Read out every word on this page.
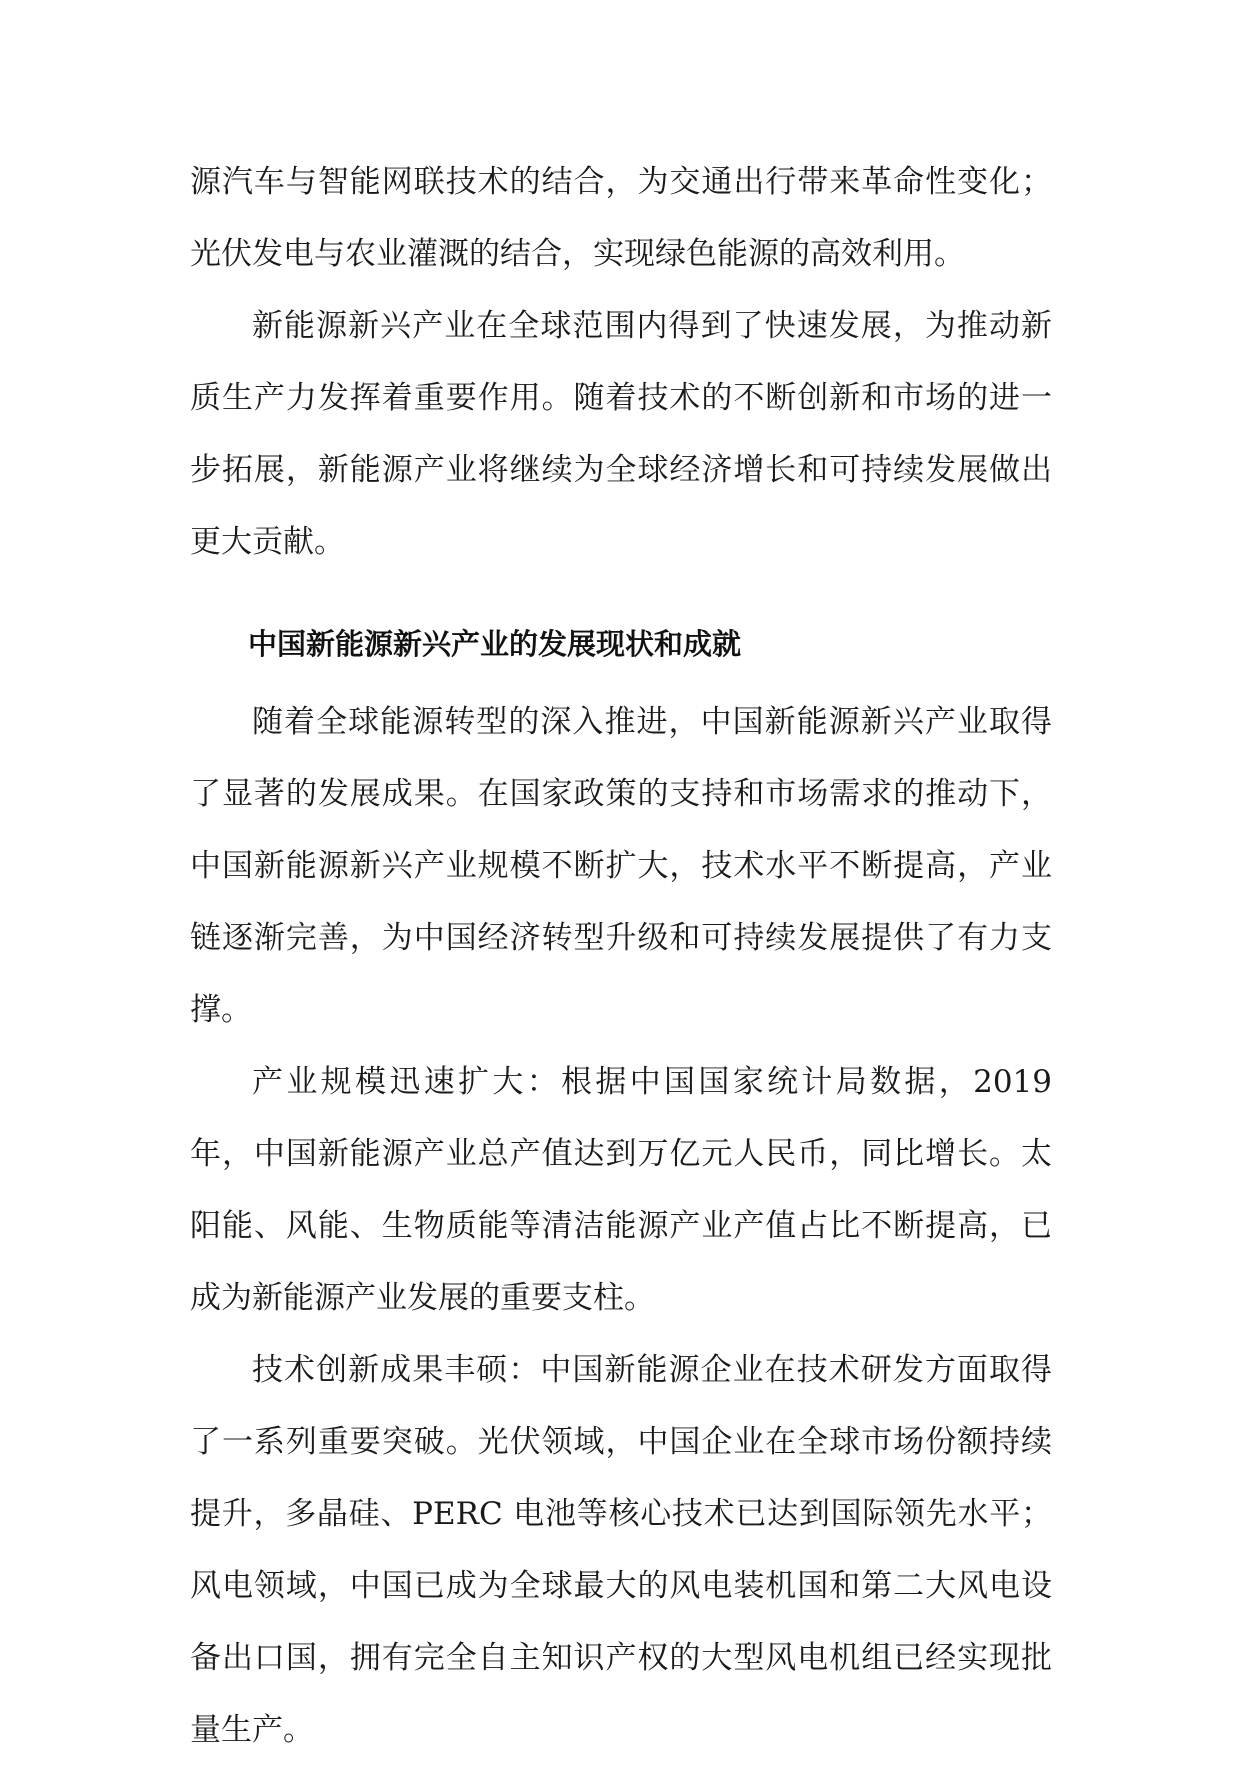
源汽车与智能网联技术的结合，为交通出行带来革命性变化；光伏发电与农业灌溉的结合，实现绿色能源的高效利用。

新能源新兴产业在全球范围内得到了快速发展，为推动新质生产力发挥着重要作用。随着技术的不断创新和市场的进一步拓展，新能源产业将继续为全球经济增长和可持续发展做出更大贡献。

中国新能源新兴产业的发展现状和成就

随着全球能源转型的深入推进，中国新能源新兴产业取得了显著的发展成果。在国家政策的支持和市场需求的推动下，中国新能源新兴产业规模不断扩大，技术水平不断提高，产业链逐渐完善，为中国经济转型升级和可持续发展提供了有力支撑。

产业规模迅速扩大：根据中国国家统计局数据，2019 年，中国新能源产业总产值达到万亿元人民币，同比增长。太阳能、风能、生物质能等清洁能源产业产值占比不断提高，已成为新能源产业发展的重要支柱。

技术创新成果丰硕：中国新能源企业在技术研发方面取得了一系列重要突破。光伏领域，中国企业在全球市场份额持续提升，多晶硅、PERC 电池等核心技术已达到国际领先水平；风电领域，中国已成为全球最大的风电装机国和第二大风电设备出口国，拥有完全自主知识产权的大型风电机组已经实现批量生产。
